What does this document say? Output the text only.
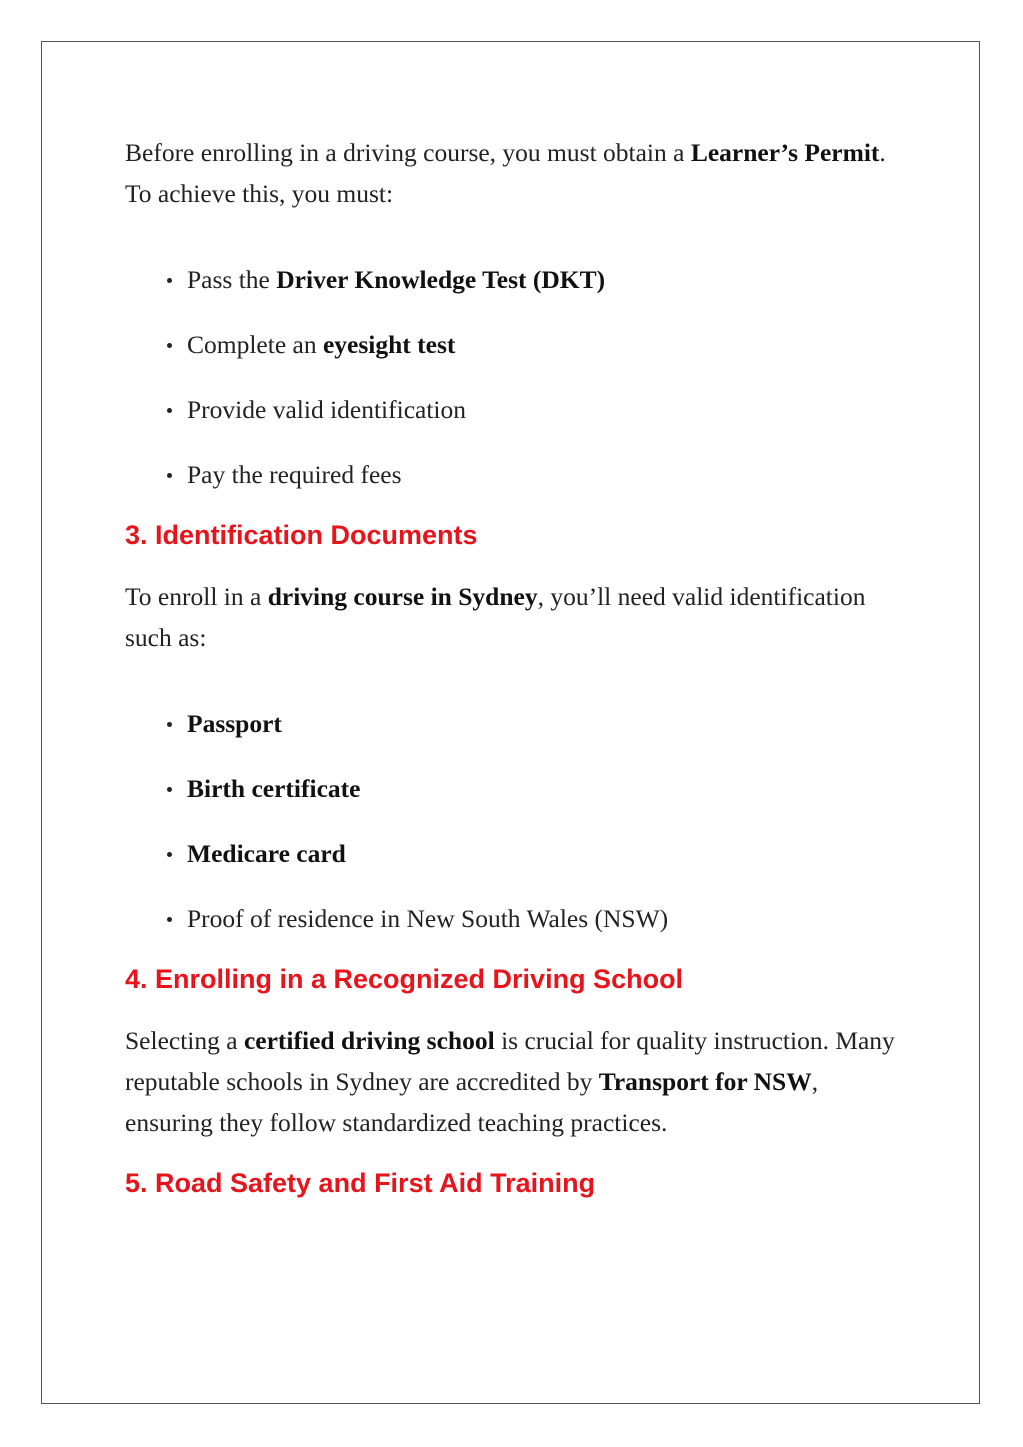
Before enrolling in a driving course, you must obtain a Learner’s Permit. To achieve this, you must:

Pass the Driver Knowledge Test (DKT)
Complete an eyesight test
Provide valid identification
Pay the required fees
3. Identification Documents

To enroll in a driving course in Sydney, you’ll need valid identification such as:

Passport
Birth certificate
Medicare card
Proof of residence in New South Wales (NSW)
4. Enrolling in a Recognized Driving School

Selecting a certified driving school is crucial for quality instruction. Many reputable schools in Sydney are accredited by Transport for NSW, ensuring they follow standardized teaching practices.

5. Road Safety and First Aid Training
